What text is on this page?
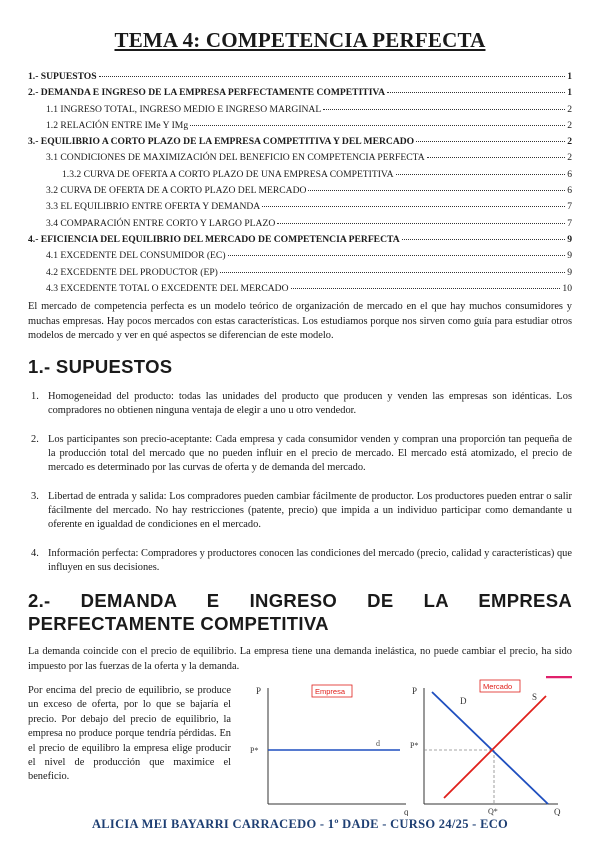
TEMA 4: COMPETENCIA PERFECTA
1.- SUPUESTOS	1
2.- DEMANDA E INGRESO DE LA EMPRESA PERFECTAMENTE COMPETITIVA	1
1.1 INGRESO TOTAL, INGRESO MEDIO E INGRESO MARGINAL	2
1.2 RELACIÓN ENTRE IMe Y IMg	2
3.- EQUILIBRIO A CORTO PLAZO DE LA EMPRESA COMPETITIVA Y DEL MERCADO	2
3.1 CONDICIONES DE MAXIMIZACIÓN DEL BENEFICIO EN COMPETENCIA PERFECTA	2
1.3.2 CURVA DE OFERTA A CORTO PLAZO DE UNA EMPRESA COMPETITIVA	6
3.2 CURVA DE OFERTA DE A CORTO PLAZO DEL MERCADO	6
3.3 EL EQUILIBRIO ENTRE OFERTA Y DEMANDA	7
3.4 COMPARACIÓN ENTRE CORTO Y LARGO PLAZO	7
4.- EFICIENCIA DEL EQUILIBRIO DEL MERCADO DE COMPETENCIA PERFECTA	9
4.1 EXCEDENTE DEL CONSUMIDOR (EC)	9
4.2 EXCEDENTE DEL PRODUCTOR (EP)	9
4.3 EXCEDENTE TOTAL O EXCEDENTE DEL MERCADO	10

El mercado de competencia perfecta es un modelo teórico de organización de mercado en el que hay muchos consumidores y muchas empresas. Hay pocos mercados con estas características. Los estudiamos porque nos sirven como guía para estudiar otros modelos de mercado y ver en qué aspectos se diferencian de este modelo.

1.- SUPUESTOS
1. Homogeneidad del producto: todas las unidades del producto que producen y venden las empresas son idénticas. Los compradores no obtienen ninguna ventaja de elegir a uno u otro vendedor.
2. Los participantes son precio-aceptante: Cada empresa y cada consumidor venden y compran una proporción tan pequeña de la producción total del mercado que no pueden influir en el precio de mercado. El mercado está atomizado, el precio de mercado es determinado por las curvas de oferta y de demanda del mercado.
3. Libertad de entrada y salida: Los compradores pueden cambiar fácilmente de productor. Los productores pueden entrar o salir fácilmente del mercado. No hay restricciones (patente, precio) que impida a un individuo participar como demandante u oferente en igualdad de condiciones en el mercado.
4. Información perfecta: Compradores y productores conocen las condiciones del mercado (precio, calidad y características) que influyen en sus decisiones.
2.- DEMANDA E INGRESO DE LA EMPRESA PERFECTAMENTE COMPETITIVA

La demanda coincide con el precio de equilibrio. La empresa tiene una demanda inelástica, no puede cambiar el precio, ha sido impuesto por las fuerzas de la oferta y la demanda.

Por encima del precio de equilibrio, se produce un exceso de oferta, por lo que se bajaría el precio. Por debajo del precio de equilibrio, la empresa no produce porque tendría pérdidas. En el precio de equilibro la empresa elige producir el nivel de producción que maximice el beneficio.

P
q
Empresa
P*
d
P
Q
Mercado
D	S
P*
Q*
ALICIA MEI BAYARRI CARRACEDO - 1º DADE - CURSO 24/25 - ECO
